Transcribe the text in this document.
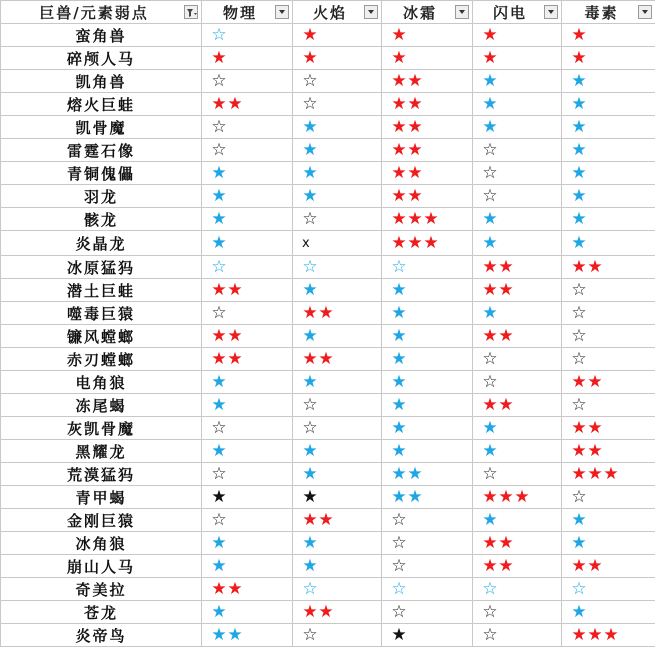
巨兽/元素弱点	物理	火焰	冰霜	闪电	毒素

蛮角兽	☆	★	★	★	★
碎颅人马	★	★	★	★	★
凯角兽	☆	☆	★★	★	★
熔火巨蛙	★★	☆	★★	★	★
凯骨魔	☆	★	★★	★	★
雷霆石像	☆	★	★★	☆	★
青铜傀儡	★	★	★★	☆	★
羽龙	★	★	★★	☆	★
骸龙	★	☆	★★★	★	★
炎晶龙	★	x	★★★	★	★
冰原猛犸	☆	☆	☆	★★	★★
潜土巨蛙	★★	★	★	★★	☆
噬毒巨猿	☆	★★	★	★	☆
镰风螳螂	★★	★	★	★★	☆
赤刃螳螂	★★	★★	★	☆	☆
电角狼	★	★	★	☆	★★
冻尾蝎	★	☆	★	★★	☆
灰凯骨魔	☆	☆	★	★	★★
黑耀龙	★	★	★	★	★★
荒漠猛犸	☆	★	★★	☆	★★★
青甲蝎	★	★	★★	★★★	☆
金刚巨猿	☆	★★	☆	★	★
冰角狼	★	★	☆	★★	★
崩山人马	★	★	☆	★★	★★
奇美拉	★★	☆	☆	☆	☆
苍龙	★	★★	☆	☆	★
炎帝鸟	★★	☆	★	☆	★★★
